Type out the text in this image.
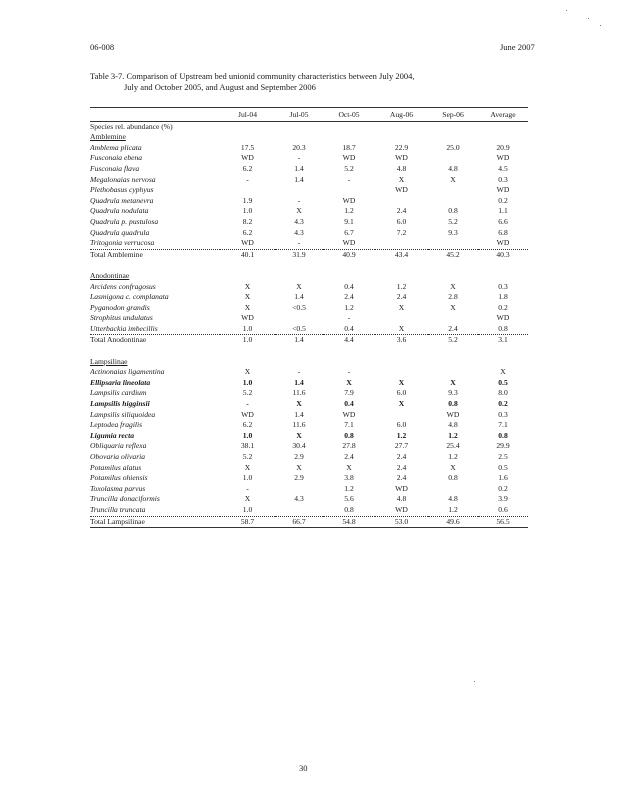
06-008	June 2007
Table 3-7. Comparison of Upstream bed unionid community characteristics between July 2004,
July and October 2005, and August and September 2006
	Jul-04	Jul-05	Oct-05	Aug-06	Sep-06	Average
Species rel. abundance (%)						
Amblemine						
Amblema plicata	17.5	20.3	18.7	22.9	25.0	20.9
Fusconaia ebena	WD	-	WD	WD		WD
Fusconaia flava	6.2	1.4	5.2	4.8	4.8	4.5
Megalonaias nervosa	-	1.4	-	X	X	0.3
Plethobasus cyphyus				WD		WD
Quadrula metanevra	1.9	-	WD			0.2
Quadrula nodulata	1.0	X	1.2	2.4	0.8	1.1
Quadrula p. pustulosa	8.2	4.3	9.1	6.0	5.2	6.6
Quadrula quadrula	6.2	4.3	6.7	7.2	9.3	6.8
Tritogonia verrucosa	WD	-	WD			WD
Total Amblemine	40.1	31.9	40.9	43.4	45.2	40.3

Anodontinae						
Arcidens confragosus	X	X	0.4	1.2	X	0.3
Lasmigona c. complanata	X	1.4	2.4	2.4	2.8	1.8
Pyganodon grandis	X	<0.5	1.2	X	X	0.2
Strophitus undulatus	WD		-			WD
Utterbackia imbecillis	1.0	<0.5	0.4	X	2.4	0.8
Total Anodontinae	1.0	1.4	4.4	3.6	5.2	3.1

Lampsilinae						
Actinonaias ligamentina	X	-	-			X
Ellipsaria lineolata	1.0	1.4	X	X	X	0.5
Lampsilis cardium	5.2	11.6	7.9	6.0	9.3	8.0
Lampsilis higginsii	-	X	0.4	X	0.8	0.2
Lampsilis siliquoidea	WD	1.4	WD		WD	0.3
Leptodea fragilis	6.2	11.6	7.1	6.0	4.8	7.1
Ligumia recta	1.0	X	0.8	1.2	1.2	0.8
Obliquaria reflexa	38.1	30.4	27.8	27.7	25.4	29.9
Obovaria olivaria	5.2	2.9	2.4	2.4	1.2	2.5
Potamilus alatus	X	X	X	2.4	X	0.5
Potamilus ohiensis	1.0	2.9	3.8	2.4	0.8	1.6
Toxolasma parvus	-		1.2	WD		0.2
Truncilla donaciformis	X	4.3	5.6	4.8	4.8	3.9
Truncilla truncata	1.0		0.8	WD	1.2	0.6
Total Lampsilinae	58.7	66.7	54.8	53.0	49.6	56.5
30
